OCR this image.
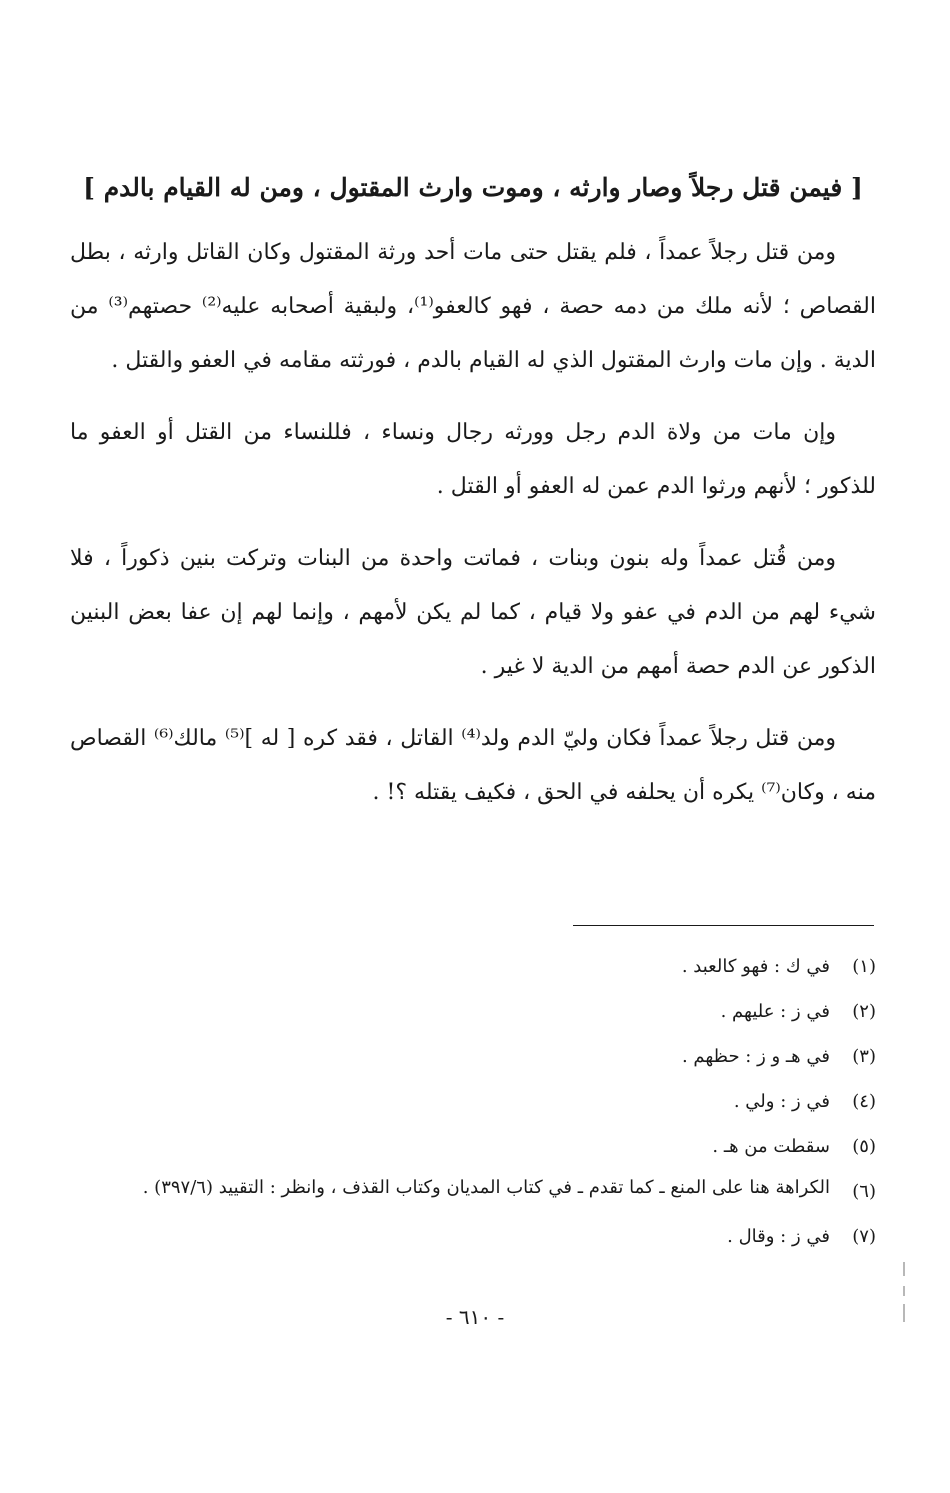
[ فيمن قتل رجلاً وصار وارثه ، وموت وارث المقتول ، ومن له القيام بالدم ]

ومن قتل رجلاً عمداً ، فلم يقتل حتى مات أحد ورثة المقتول وكان القاتل وارثه ، بطل القصاص ؛ لأنه ملك من دمه حصة ، فهو كالعفو⁽¹⁾، ولبقية أصحابه عليه⁽²⁾ حصتهم⁽³⁾ من الدية . وإن مات وارث المقتول الذي له القيام بالدم ، فورثته مقامه في العفو والقتل .

وإن مات من ولاة الدم رجل وورثه رجال ونساء ، فللنساء من القتل أو العفو ما للذكور ؛ لأنهم ورثوا الدم عمن له العفو أو القتل .

ومن قُتل عمداً وله بنون وبنات ، فماتت واحدة من البنات وتركت بنين ذكوراً ، فلا شيء لهم من الدم في عفو ولا قيام ، كما لم يكن لأمهم ، وإنما لهم إن عفا بعض البنين الذكور عن الدم حصة أمهم من الدية لا غير .

ومن قتل رجلاً عمداً فكان وليّ الدم ولد⁽⁴⁾ القاتل ، فقد كره [ له ]⁽⁵⁾ مالك⁽⁶⁾ القصاص منه ، وكان⁽⁷⁾ يكره أن يحلفه في الحق ، فكيف يقتله ؟! .

(١)
في ك : فهو كالعبد .
(٢)
في ز : عليهم .
(٣)
في هـ و ز : حظهم .
(٤)
في ز : ولي .
(٥)
سقطت من هـ .
(٦)
الكراهة هنا على المنع ـ كما تقدم ـ في كتاب المديان وكتاب القذف ، وانظر : التقييد (٣٩٧/٦) .
(٧)
في ز : وقال .
- ٦١٠ -
